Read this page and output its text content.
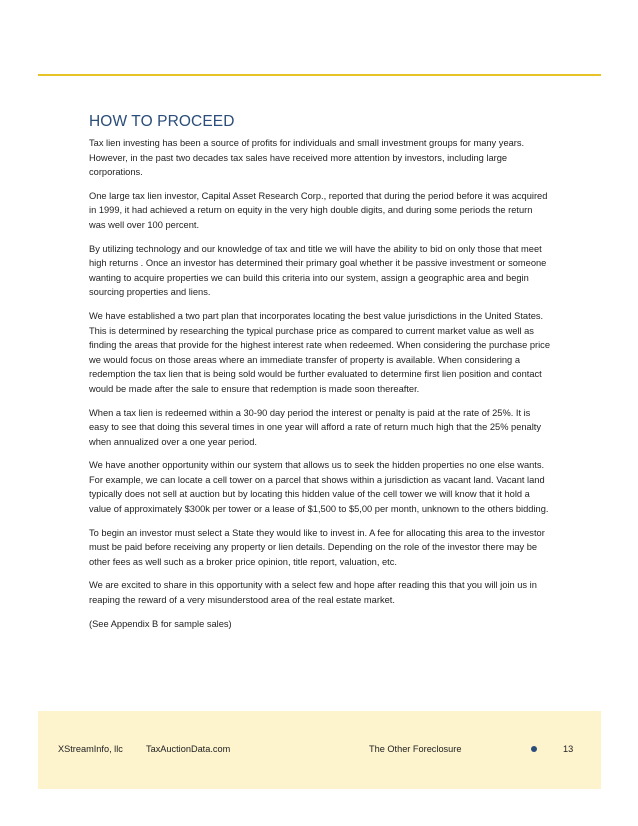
HOW TO PROCEED

Tax lien investing has been a source of profits for individuals and small investment groups for many years. However, in the past two decades tax sales have received more attention by investors, including large corporations.

One large tax lien investor, Capital Asset Research Corp., reported that during the period before it was acquired in 1999, it had achieved a return on equity in the very high double digits, and during some periods the return was well over 100 percent.

By utilizing technology and our knowledge of tax and title we will have the ability to bid on only those that meet high returns . Once an investor has determined their primary goal whether it be passive investment or someone wanting to acquire properties we can build this criteria into our system, assign a geographic area and begin sourcing properties and liens.

We have established a two part plan that incorporates locating the best value jurisdictions in the United States. This is determined by researching the typical purchase price as compared to current market value as well as finding the areas that provide for the highest interest rate when redeemed. When considering the purchase price we would focus on those areas where an immediate transfer of property is available. When considering a redemption the tax lien that is being sold would be further evaluated to determine first lien position and contact would be made after the sale to ensure that redemption is made soon thereafter.

When a tax lien is redeemed within a 30-90 day period the interest or penalty is paid at the rate of 25%. It is easy to see that doing this several times in one year will afford a rate of return much high that the 25% penalty when annualized over a one year period.

We have another opportunity within our system that allows us to seek the hidden properties no one else wants. For example, we can locate a cell tower on a parcel that shows within a jurisdiction as vacant land. Vacant land typically does not sell at auction but by locating this hidden value of the cell tower we will know that it hold a value of approximately $300k per tower or a lease of $1,500 to $5,00 per month, unknown to the others bidding.

To begin an investor must select a State they would like to invest in. A fee for allocating this area to the investor must be paid before receiving any property or lien details. Depending on the role of the investor there may be other fees as well such as a broker price opinion, title report, valuation, etc.

We are excited to share in this opportunity with a select few and hope after reading this that you will join us in reaping the reward of a very misunderstood area of the real estate market.

(See Appendix B for sample sales)

XStreamInfo, llc	TaxAuctionData.com	The Other Foreclosure	13
